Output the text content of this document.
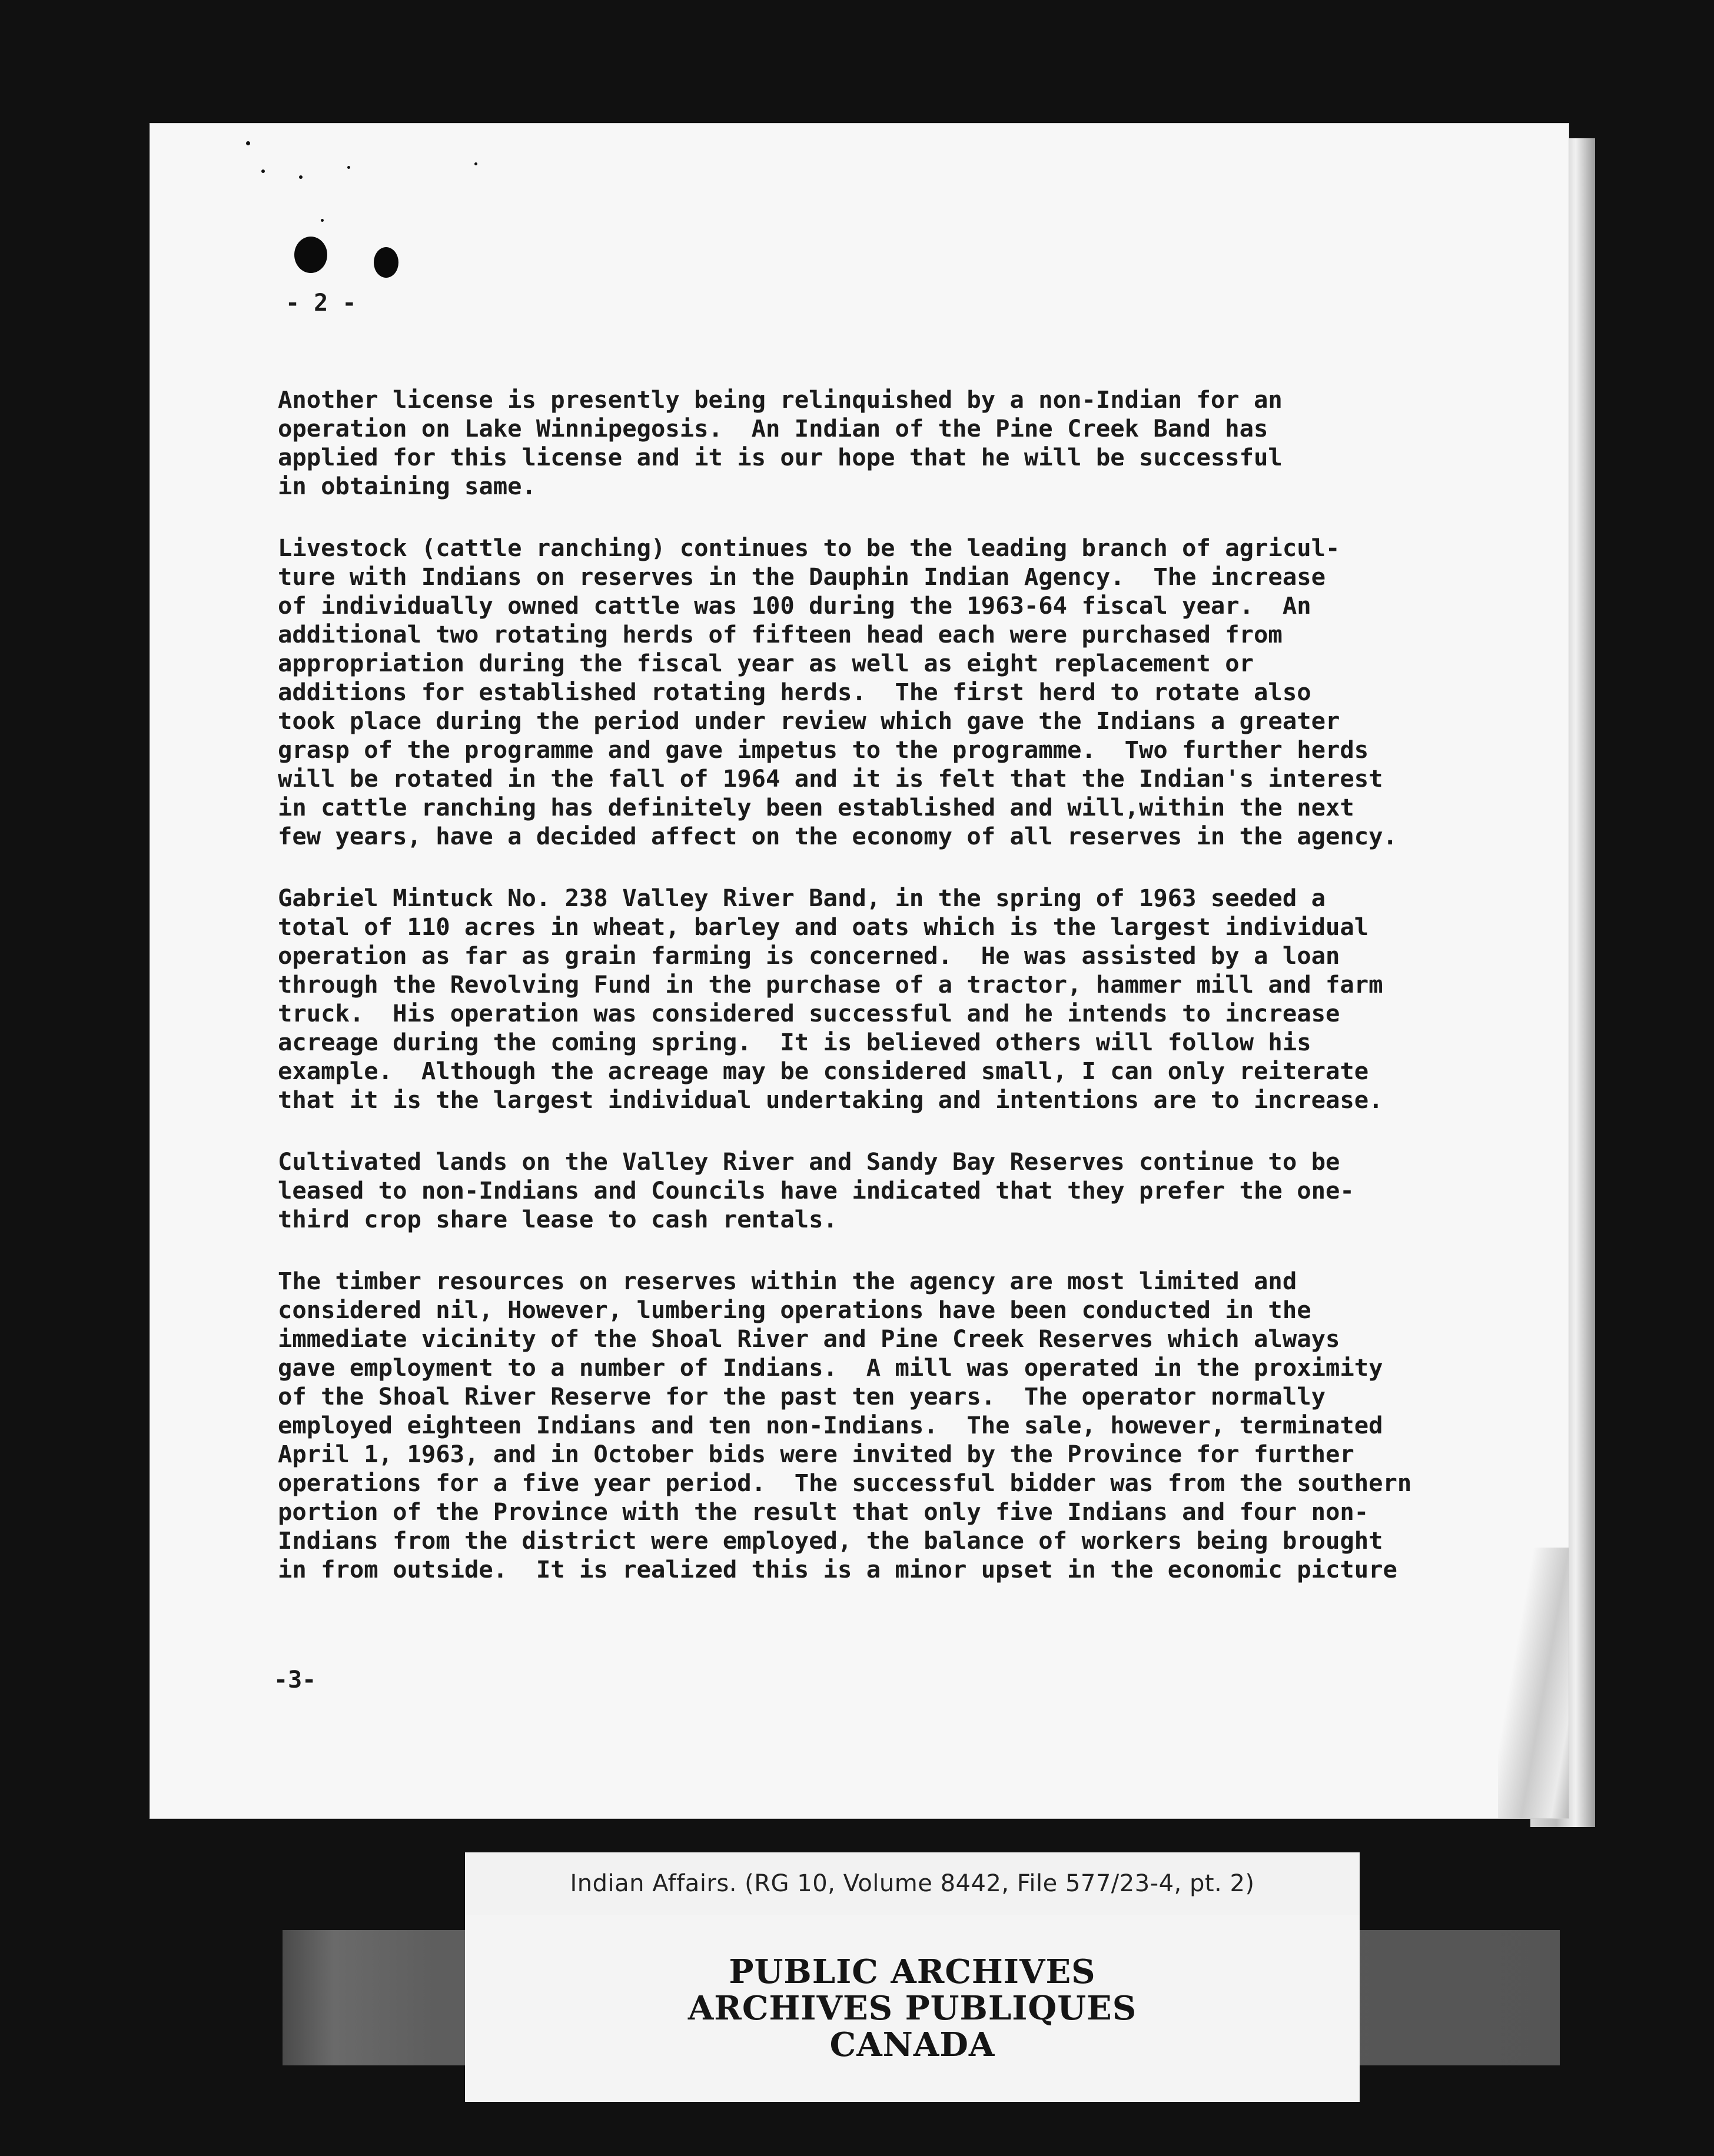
- 2 -
Another license is presently being relinquished by a non-Indian for an
operation on Lake Winnipegosis.  An Indian of the Pine Creek Band has
applied for this license and it is our hope that he will be successful
in obtaining same.
Livestock (cattle ranching) continues to be the leading branch of agricul-
ture with Indians on reserves in the Dauphin Indian Agency.  The increase
of individually owned cattle was 100 during the 1963-64 fiscal year.  An
additional two rotating herds of fifteen head each were purchased from
appropriation during the fiscal year as well as eight replacement or
additions for established rotating herds.  The first herd to rotate also
took place during the period under review which gave the Indians a greater
grasp of the programme and gave impetus to the programme.  Two further herds
will be rotated in the fall of 1964 and it is felt that the Indian's interest
in cattle ranching has definitely been established and will,within the next
few years, have a decided affect on the economy of all reserves in the agency.
Gabriel Mintuck No. 238 Valley River Band, in the spring of 1963 seeded a
total of 110 acres in wheat, barley and oats which is the largest individual
operation as far as grain farming is concerned.  He was assisted by a loan
through the Revolving Fund in the purchase of a tractor, hammer mill and farm
truck.  His operation was considered successful and he intends to increase
acreage during the coming spring.  It is believed others will follow his
example.  Although the acreage may be considered small, I can only reiterate
that it is the largest individual undertaking and intentions are to increase.
Cultivated lands on the Valley River and Sandy Bay Reserves continue to be
leased to non-Indians and Councils have indicated that they prefer the one-
third crop share lease to cash rentals.
The timber resources on reserves within the agency are most limited and
considered nil, However, lumbering operations have been conducted in the
immediate vicinity of the Shoal River and Pine Creek Reserves which always
gave employment to a number of Indians.  A mill was operated in the proximity
of the Shoal River Reserve for the past ten years.  The operator normally
employed eighteen Indians and ten non-Indians.  The sale, however, terminated
April 1, 1963, and in October bids were invited by the Province for further
operations for a five year period.  The successful bidder was from the southern
portion of the Province with the result that only five Indians and four non-
Indians from the district were employed, the balance of workers being brought
in from outside.  It is realized this is a minor upset in the economic picture
-3-
Indian Affairs. (RG 10, Volume 8442, File 577/23-4, pt. 2)
PUBLIC ARCHIVES
ARCHIVES PUBLIQUES
CANADA
